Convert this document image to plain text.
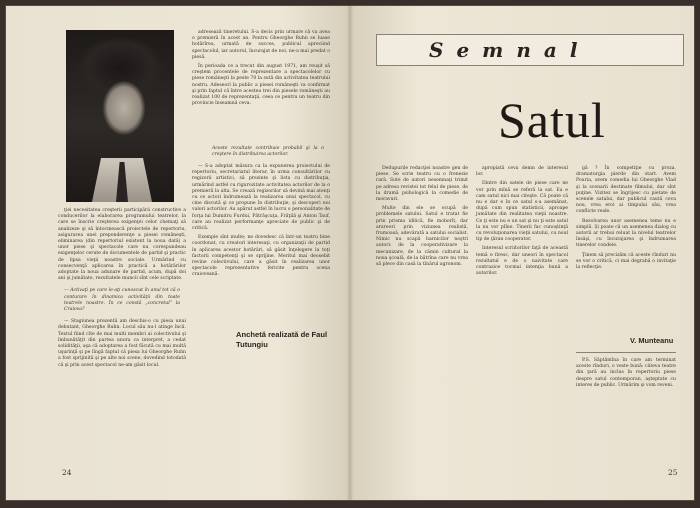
ţiei necesitatea creşterii participării constructive a conducerilor la elaborarea programului teatrelor, la care se înscrie creşterea exigenţei celor chemaţi să analizeze şi să întocmească proiectele de repertoriu, asigurarea unei preponderenţe a piesei româneşti, eliminarea (din repertoriul existent la noua dată) a unor piese şi spectacole care nu corespundeau exigenţelor cerute de documentele de partid şi practic de lipsa vieţii noastre sociale. Urmărind cu consecvenţă aplicarea în practică a hotărârilor adoptate la noua adunare de partid, acum, după doi ani şi jumătate, rezultatele muncii sînt cele scriptate.

— Activaţi pe care le-aţi cunoscut în anul tot că o conturare în dinamica activităţii din toate teatrele noastre. În ce constă „concretul” la Craiova?

— Stagiunea prezentă am deschis-o cu piesa unui debutant, Gheorghe Ruhn. Locul său nu-l atinge încă. Textul fiind cîte de mai multi membri ai colectivului şi îmbunătăţit din partea unora ca interpret, a cedat solidităţii, aşa că adoptarea a fost făcută cu mai multă uşurinţă şi pe lîngă faptul că piesa lui Gheorghe Ruhn a fost sprijinită şi pe alte noi scene, dovedind totodată că şi prin acest spectacol ne-am găsit locul.

adresează tineretului. S-a decis prin urmare că va avea o premieră în acest an. Pentru Gheorghe Ruhn se luase hotărîrea, urmată de succes, publicul apreciind spectacolul, iar autorul, încurajat de noi, ne-a mai predat o piesă.

În perioada ce a trecut din august 1971, am reuşit să creştem procentele de reprezentare a spectacolelor cu piese româneşti la peste 70 la sută din activitatea teatrului nostru. Adeseori la public a piesei româneşti va confirmat şi prin faptul că între acestea trei din piesele româneşti au realizat 100 de reprezentaţii, ceea ce pentru un teatru din provincie înseamnă ceva.

Aceste rezultate contribuie probabil şi la o creştere în distribuirea actorilor.

— S-a adoptat măsura ca la expunerea proiectului de repertoriu, secretariatul literar, în urma consultărilor cu regizorii artistici, să prezinte şi lista cu distribuţia, urmărind astfel cu rigurozitate activitatea actorilor de la o premieră la alta. Se crează regizorilor să devină mai atenţi cu ce actori îndrumează la realizarea unui spectacol, cu cine discută şi ce propune în distribuţie, şi descoperi noi valori actorilor. Au apărut astfel în lucru o personalitate de forţa lui Dumitru Furdui, Pătrăşcuţa, Frăţilă şi Anton Tauf, care au realizat performanţe apreciate de public şi de critică.

Exemple sînt multe; ne dovedesc că într-un teatru bine coordonat, cu creatori interesaţi, cu organizaţii de partid în aplicarea acestor hotărâri, să găsit înţelegere la toţi factorii competenţi şi se sprijine. Meritul mai deosebit revine colectivului, care a găsit în realizarea unor spectacole reprezentative fericite pentru scena craioveană.

Anchetă realizată de Faul Tutungiu
24
Semnal
Satul

Dedupurile redacţiei noastre gen de piese. Se scrie teatru cu o frenezie rară. Sute de autori nesemnaţi trimit pe adresa revistei tot felul de piese, de la dramă psihologică la comedie de moravuri.

Multe din ele se ocupă de problemele satului. Satul e tratat fie prin prisma idilică, fie mohorît, dar arareori prin viziunea realistă, frumoasă, adevărată a satului socialist. Nimic nu scapă harnicilor noştri autori: de la cooperativizare la mecanizare, de la cămin cultural la noua şcoală, de la bătrîna care nu vrea să plece din casă la tînărul agronom.

apropiată ceva demn de interesul lor.

Dintre din satele de piese care ne vor prin mînă se referă la sat. Ea e cam satul nici mai citeşte. Că poate că nu e dar e în ce satul s-a asemănat, după cum spun statisticii, aproape jumătate din realitatea vieţii noastre. Ce ţi este nu e un sat şi nu ţi este satul la nu vor plîne. Tinerii fac cunoştinţă cu revoluţionarea vieţii satului, cu noul tip de ţăran cooperator.

Interesul scriitorilor faţă de această temă e firesc, dar uneori în spectacol rezultatul e de o naivitate care contrazice tocmai intenţia bună a autorilor.

gă ? În competiţie cu proza, dramaturgia pierde din start. Avem Pouria, avem comedia lui Gheorghe Vlad şi la scenarii destinate filmului, dar sînt puţine. Vizitez se îngrijesc cu pietate de scenele satului, dar publicul caută ceva nou, vrea eroi ai timpului său, vrea conflicte reale.

Rezolvarea unor asemenea teme nu e simplă. Şi poate că un asemenea dialog cu autorii ar trebui reluat la nivelul teatrelor însăşi, cu încurajarea şi îndrumarea tinerelor condeie.

Ţinem să precizăm că aceste rînduri nu se vor o critică, ci mai degrabă o invitaţie la reflecţie.

V. Munteanu

P.S. Săptămîna în care am terminat aceste rînduri, o veste bună: câteva teatre din ţară au inclus în repertoriu piese despre satul contemporan, aşteptate cu interes de public. Urmărim şi vom reveni.

25
